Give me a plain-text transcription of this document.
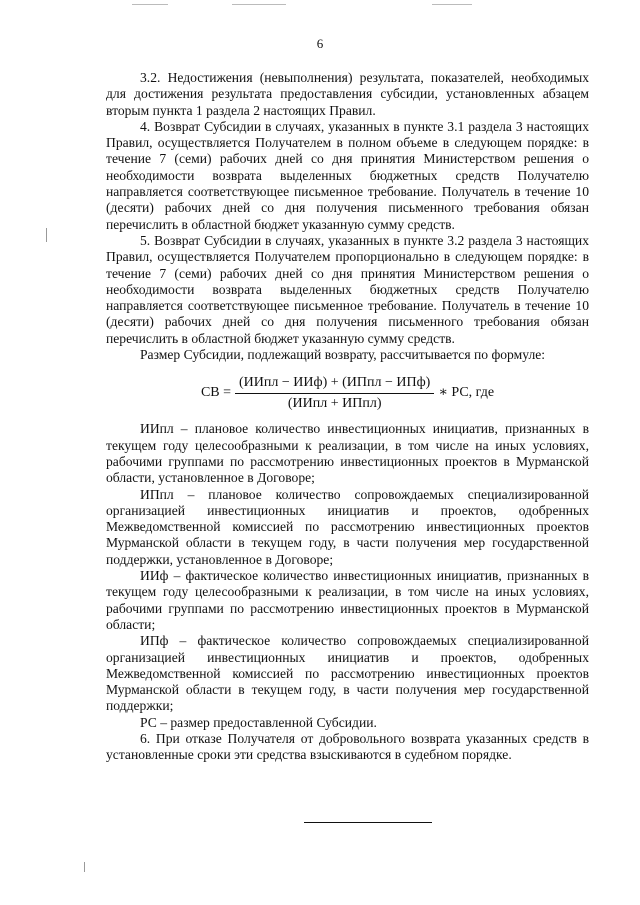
6

3.2. Недостижения (невыполнения) результата, показателей, необходимых для достижения результата предоставления субсидии, установленных абзацем вторым пункта 1 раздела 2 настоящих Правил.

4. Возврат Субсидии в случаях, указанных в пункте 3.1 раздела 3 настоящих Правил, осуществляется Получателем в полном объеме в следующем порядке: в течение 7 (семи) рабочих дней со дня принятия Министерством решения о необходимости возврата выделенных бюджетных средств Получателю направляется соответствующее письменное требование. Получатель в течение 10 (десяти) рабочих дней со дня получения письменного требования обязан перечислить в областной бюджет указанную сумму средств.

5. Возврат Субсидии в случаях, указанных в пункте 3.2 раздела 3 настоящих Правил, осуществляется Получателем пропорционально в следующем порядке: в течение 7 (семи) рабочих дней со дня принятия Министерством решения о необходимости возврата выделенных бюджетных средств Получателю направляется соответствующее письменное требование. Получатель в течение 10 (десяти) рабочих дней со дня получения письменного требования обязан перечислить в областной бюджет указанную сумму средств.

Размер Субсидии, подлежащий возврату, рассчитывается по формуле:

СВ = $\frac{\text{(ИИпл − ИИф) + (ИПпл − ИПф)}}{\text{(ИИпл + ИПпл)}}$ ∗ РС, где

ИИпл – плановое количество инвестиционных инициатив, признанных в текущем году целесообразными к реализации, в том числе на иных условиях, рабочими группами по рассмотрению инвестиционных проектов в Мурманской области, установленное в Договоре;

ИПпл – плановое количество сопровождаемых специализированной организацией инвестиционных инициатив и проектов, одобренных Межведомственной комиссией по рассмотрению инвестиционных проектов Мурманской области в текущем году, в части получения мер государственной поддержки, установленное в Договоре;

ИИф – фактическое количество инвестиционных инициатив, признанных в текущем году целесообразными к реализации, в том числе на иных условиях, рабочими группами по рассмотрению инвестиционных проектов в Мурманской области;

ИПф – фактическое количество сопровождаемых специализированной организацией инвестиционных инициатив и проектов, одобренных Межведомственной комиссией по рассмотрению инвестиционных проектов Мурманской области в текущем году, в части получения мер государственной поддержки;

РС – размер предоставленной Субсидии.

6. При отказе Получателя от добровольного возврата указанных средств в установленные сроки эти средства взыскиваются в судебном порядке.
